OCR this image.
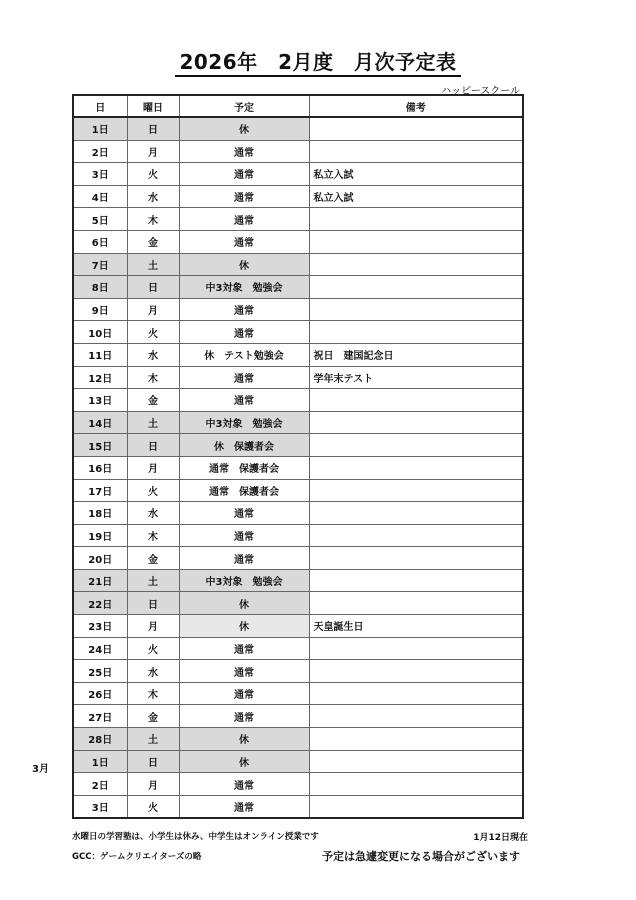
2026年　2月度　月次予定表
ハッピースクール
日	曜日	予定	備考
1日	日	休	
2日	月	通常	
3日	火	通常	私立入試
4日	水	通常	私立入試
5日	木	通常	
6日	金	通常	
7日	土	休	
8日	日	中3対象　勉強会	
9日	月	通常	
10日	火	通常	
11日	水	休　テスト勉強会	祝日　建国記念日
12日	木	通常	学年末テスト
13日	金	通常	
14日	土	中3対象　勉強会	
15日	日	休　保護者会	
16日	月	通常　保護者会	
17日	火	通常　保護者会	
18日	水	通常	
19日	木	通常	
20日	金	通常	
21日	土	中3対象　勉強会	
22日	日	休	
23日	月	休	天皇誕生日
24日	火	通常	
25日	水	通常	
26日	木	通常	
27日	金	通常	
28日	土	休	
1日	日	休	
2日	月	通常	
3日	火	通常	
3月
水曜日の学習塾は、小学生は休み、中学生はオンライン授業です
GCC：ゲームクリエイターズの略
1月12日現在
予定は急遽変更になる場合がございます
